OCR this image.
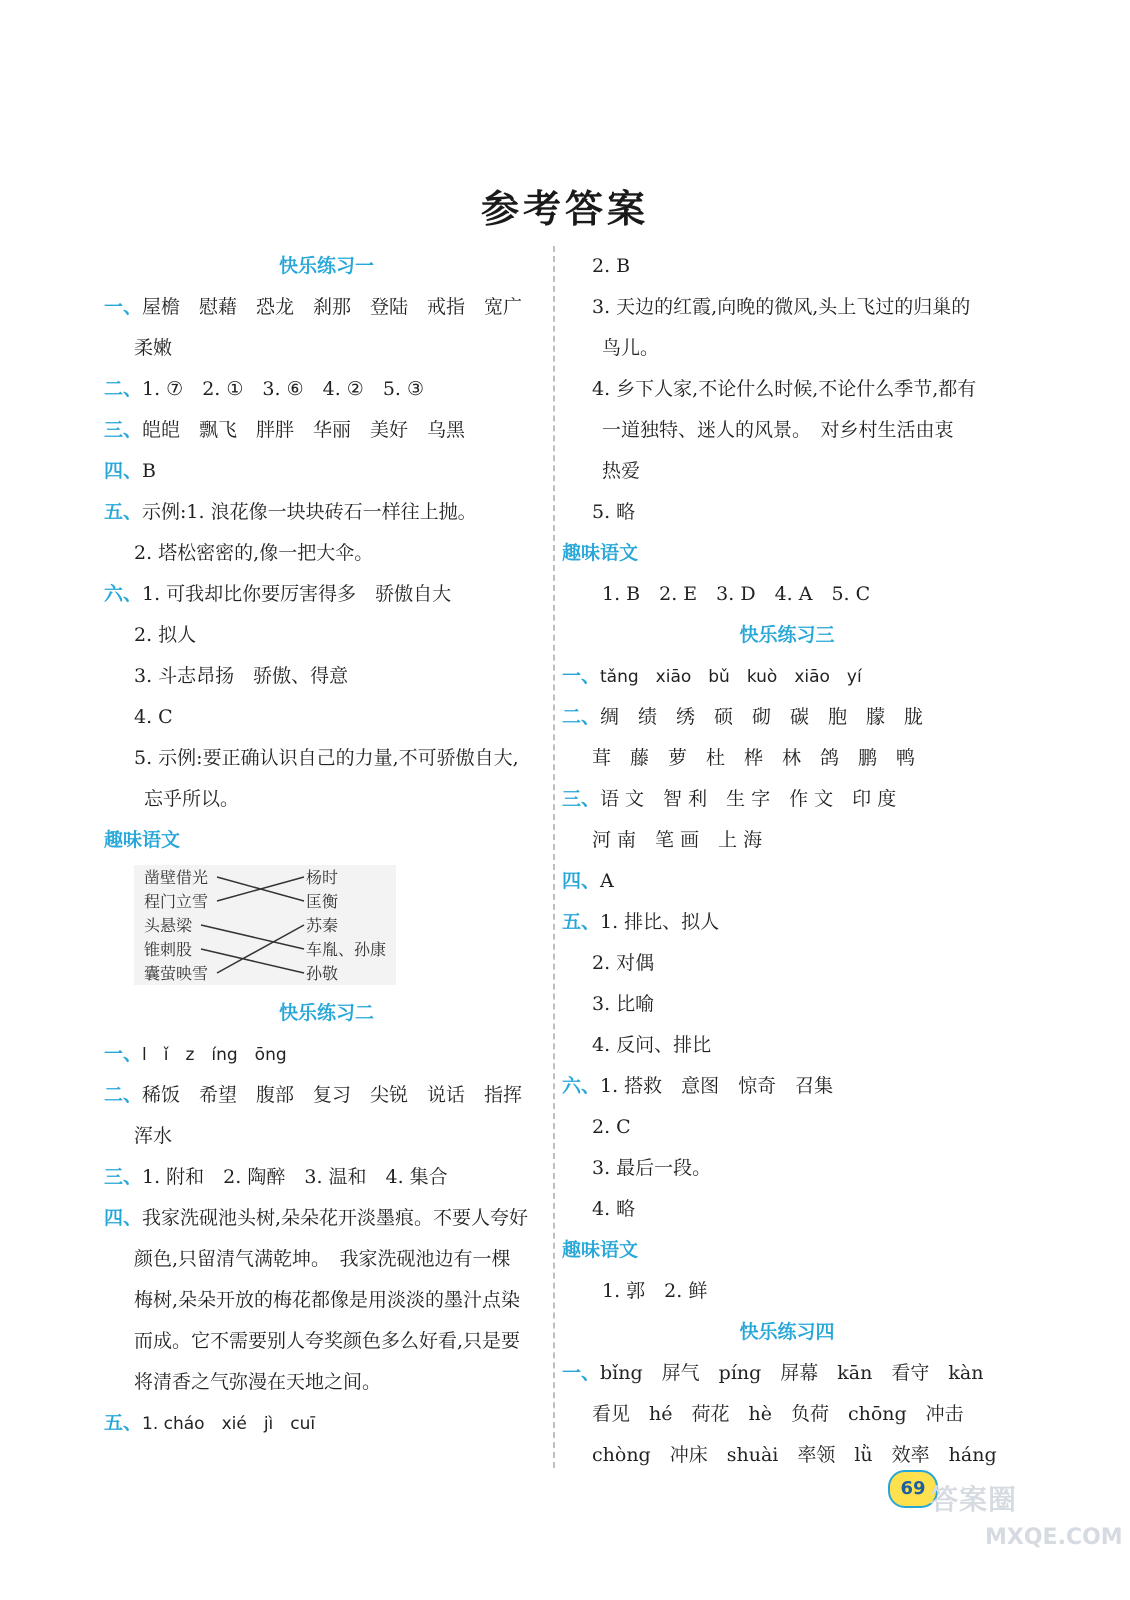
参考答案
快乐练习一
一、屋檐　慰藉　恐龙　刹那　登陆　戒指　宽广
柔嫩
二、1. ⑦　2. ①　3. ⑥　4. ②　5. ③
三、皑皑　飘飞　胖胖　华丽　美好　乌黑
四、B
五、示例:1. 浪花像一块块砖石一样往上抛。
2. 塔松密密的,像一把大伞。
六、1. 可我却比你要厉害得多　骄傲自大
2. 拟人
3. 斗志昂扬　骄傲、得意
4. C
5. 示例:要正确认识自己的力量,不可骄傲自大,
忘乎所以。
趣味语文
凿壁借光
程门立雪
头悬梁
锥刺股
囊萤映雪
杨时
匡衡
苏秦
车胤、孙康
孙敬
快乐练习二
一、l　ǐ　z　íng　ōng
二、稀饭　希望　腹部　复习　尖锐　说话　指挥
浑水
三、1. 附和　2. 陶醉　3. 温和　4. 集合
四、我家洗砚池头树,朵朵花开淡墨痕。不要人夸好
颜色,只留清气满乾坤。　我家洗砚池边有一棵
梅树,朵朵开放的梅花都像是用淡淡的墨汁点染
而成。它不需要别人夸奖颜色多么好看,只是要
将清香之气弥漫在天地之间。
五、1. cháo　xié　jì　cuī
2. B
3. 天边的红霞,向晚的微风,头上飞过的归巢的
鸟儿。
4. 乡下人家,不论什么时候,不论什么季节,都有
一道独特、迷人的风景。　对乡村生活由衷
热爱
5. 略
趣味语文
1. B　2. E　3. D　4. A　5. C
快乐练习三
一、tǎng　xiāo　bǔ　kuò　xiāo　yí
二、绸　绩　绣　硕　砌　碳　胞　朦　胧
茸　藤　萝　杜　桦　林　鸽　鹏　鸭
三、语 文　智 利　生 字　作 文　印 度
河 南　笔 画　上 海
四、A
五、1. 排比、拟人
2. 对偶
3. 比喻
4. 反问、排比
六、1. 搭救　意图　惊奇　召集
2. C
3. 最后一段。
4. 略
趣味语文
1. 郭　2. 鲜
快乐练习四
一、bǐng　屏气　píng　屏幕　kān　看守　kàn
看见　hé　荷花　hè　负荷　chōng　冲击
chòng　冲床　shuài　率领　lǜ　效率　háng
69 答案圈
MXQE.COM
